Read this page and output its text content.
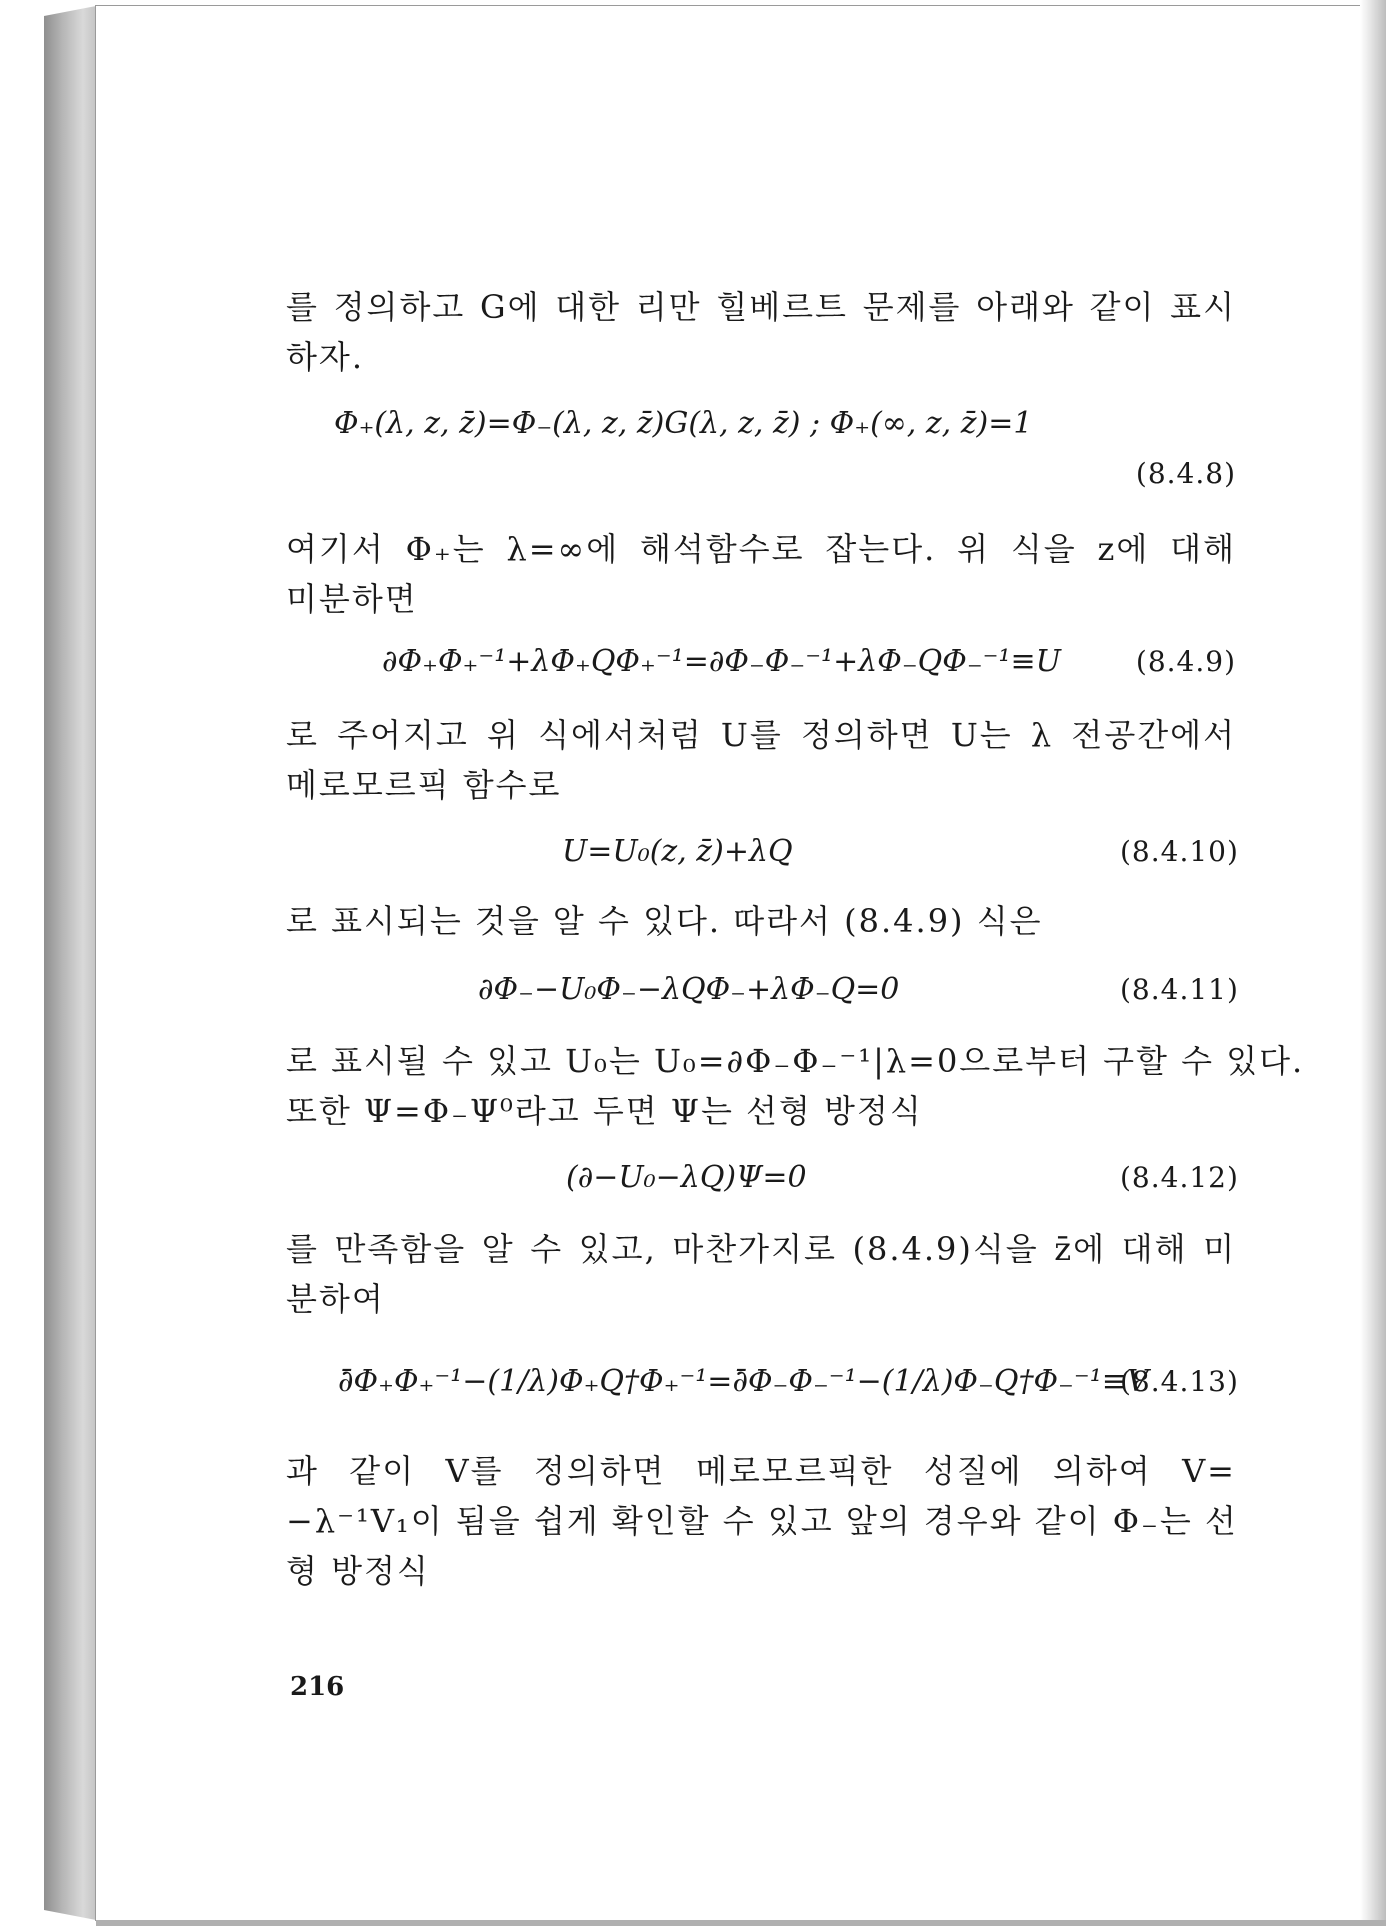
를 정의하고 G에 대한 리만 힐베르트 문제를 아래와 같이 표시
하자.
Φ₊(λ, z, z̄)=Φ₋(λ, z, z̄)G(λ, z, z̄) ; Φ₊(∞, z, z̄)=1
(8.4.8)
여기서 Φ₊는 λ=∞에 해석함수로 잡는다. 위 식을 z에 대해
미분하면
∂Φ₊Φ₊⁻¹+λΦ₊QΦ₊⁻¹=∂Φ₋Φ₋⁻¹+λΦ₋QΦ₋⁻¹≡U	(8.4.9)
로 주어지고 위 식에서처럼 U를 정의하면 U는 λ 전공간에서
메로모르픽 함수로
U=U₀(z, z̄)+λQ	(8.4.10)
로 표시되는 것을 알 수 있다. 따라서 (8.4.9) 식은
∂Φ₋−U₀Φ₋−λQΦ₋+λΦ₋Q=0	(8.4.11)
로 표시될 수 있고 U₀는 U₀=∂Φ₋Φ₋⁻¹|λ=0으로부터 구할 수 있다.
또한 Ψ=Φ₋Ψ⁰라고 두면 Ψ는 선형 방정식
(∂−U₀−λQ)Ψ=0	(8.4.12)
를 만족함을 알 수 있고, 마찬가지로 (8.4.9)식을 z̄에 대해 미
분하여
∂̄Φ₊Φ₊⁻¹−(1/λ)Φ₊Q†Φ₊⁻¹=∂̄Φ₋Φ₋⁻¹−(1/λ)Φ₋Q†Φ₋⁻¹≡V
(8.4.13)
과 같이 V를 정의하면 메로모르픽한 성질에 의하여 V=
−λ⁻¹V₁이 됨을 쉽게 확인할 수 있고 앞의 경우와 같이 Φ₋는 선
형 방정식
216
